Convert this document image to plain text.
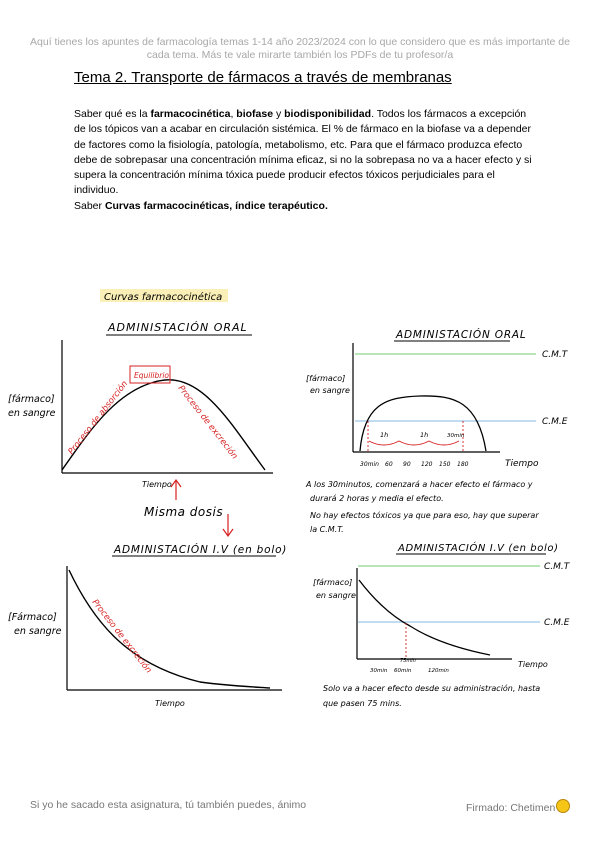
Aquí tienes los apuntes de farmacología temas 1-14 año 2023/2024 con lo que considero que es más importante de
cada tema. Más te vale mirarte también los PDFs de tu profesor/a
Tema 2. Transporte de fármacos a través de membranas

Saber qué es la farmacocinética, biofase y biodisponibilidad. Todos los fármacos a excepción de los tópicos van a acabar en circulación sistémica. El % de fármaco en la biofase va a depender de factores como la fisiología, patología, metabolismo, etc. Para que el fármaco produzca efecto debe de sobrepasar una concentración mínima eficaz, si no la sobrepasa no va a hacer efecto y si supera la concentración mínima tóxica puede producir efectos tóxicos perjudiciales para el individuo.

Saber Curvas farmacocinéticas, índice terapéutico.

Curvas farmacocinética
ADMINISTACIÓN ORAL
[fármaco]
en sangre
Equilibrio
Proceso de absorción	Proceso de excreción
Tiempo
Misma dosis
ADMINISTACIÓN I.V (en bolo)
[Fármaco]
en sangre	Proceso de excreción
Tiempo
ADMINISTACIÓN ORAL
C.M.T
C.M.E
[fármaco]
en sangre
1h	1h	30min
30min 60 90 120 150 180	Tiempo
A los 30minutos, comenzará a hacer efecto el fármaco y
durará 2 horas y media el efecto.
No hay efectos tóxicos ya que para eso, hay que superar
la C.M.T.
ADMINISTACIÓN I.V (en bolo)
C.M.T
C.M.E
[fármaco]
en sangre
75min
30min 60min	120min
Tiempo
Solo va a hacer efecto desde su administración, hasta
que pasen 75 mins.
Si yo he sacado esta asignatura, tú también puedes, ánimo	Firmado: Chetimen
